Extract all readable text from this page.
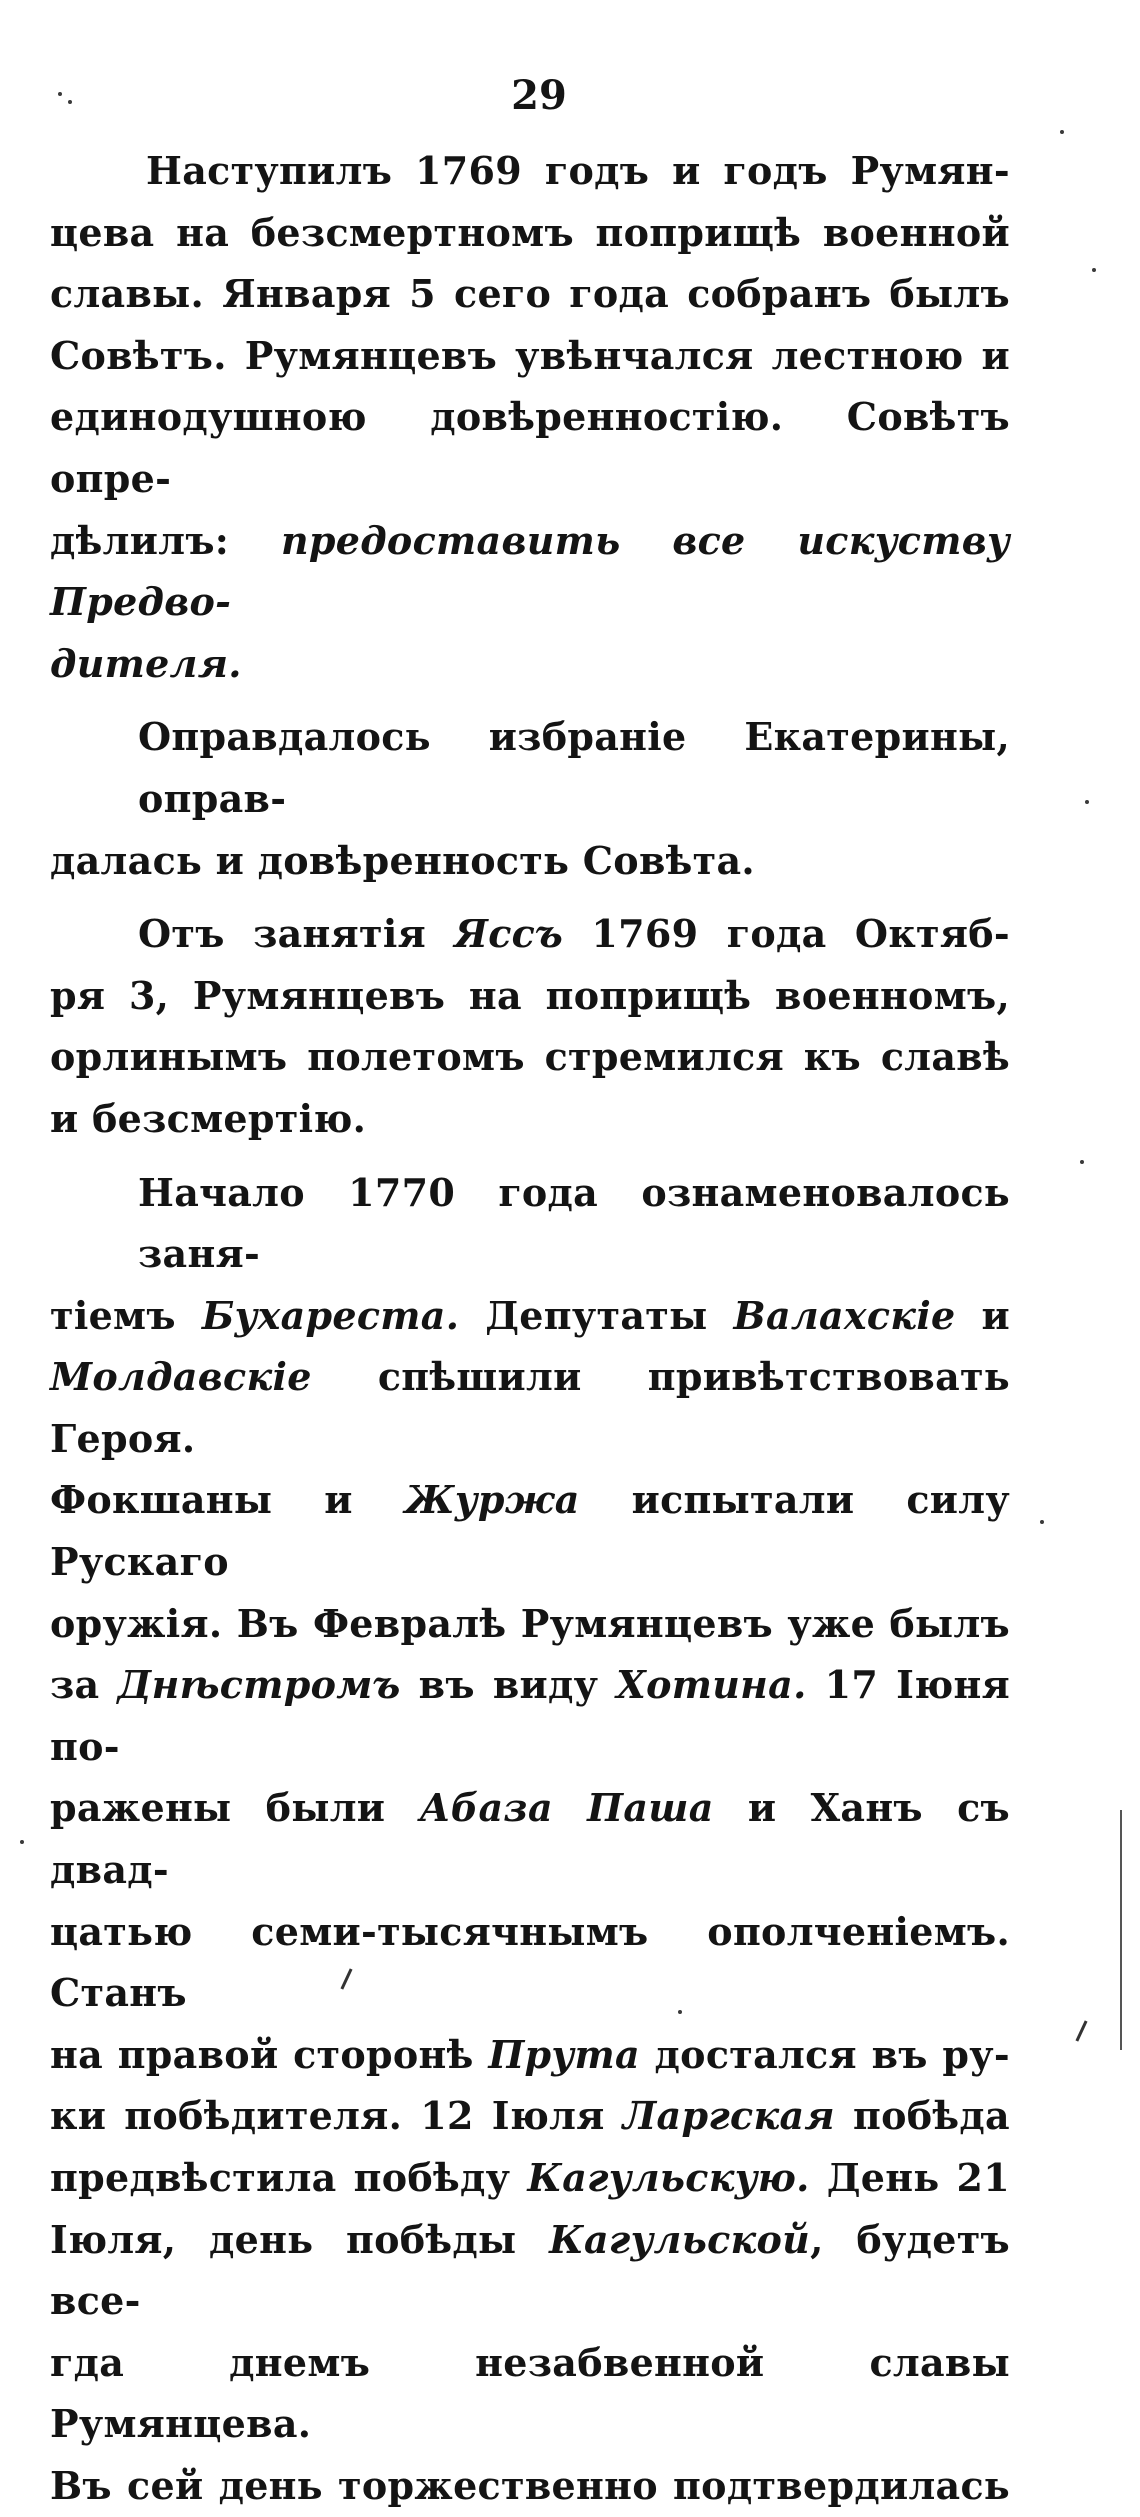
29

Наступилъ 1769 годъ и годъ Румян-
цева на безсмертномъ поприщѣ военной
славы. Января 5 сего года собранъ былъ
Совѣтъ. Румянцевъ увѣнчался лестною и
единодушною довѣренностію. Совѣтъ опре-
дѣлилъ: предоставить все искуству Предво-
дителя.

Оправдалось избраніе Екатерины, оправ-
далась и довѣренность Совѣта.

Отъ занятія Яссъ 1769 года Октяб-
ря 3, Румянцевъ на поприщѣ военномъ,
орлинымъ полетомъ стремился къ славѣ
и безсмертію.

Начало 1770 года ознаменовалось заня-
тіемъ Бухареста. Депутаты Валахскіе и
Молдавскіе спѣшили привѣтствовать Героя.
Фокшаны и Журжа испытали силу Рускаго
оружія. Въ Февралѣ Румянцевъ уже былъ
за Днѣстромъ въ виду Хотина. 17 Іюня по-
ражены были Абаза Паша и Ханъ съ двад-
цатью семи-тысячнымъ ополченіемъ. Станъ
на правой сторонѣ Прута достался въ ру-
ки побѣдителя. 12 Іюля Ларгская побѣда
предвѣстила побѣду Кагульскую. День 21
Іюля, день побѣды Кагульской, будетъ все-
гда днемъ незабвенной славы Румянцева.
Въ сей день торжественно подтвердилась
